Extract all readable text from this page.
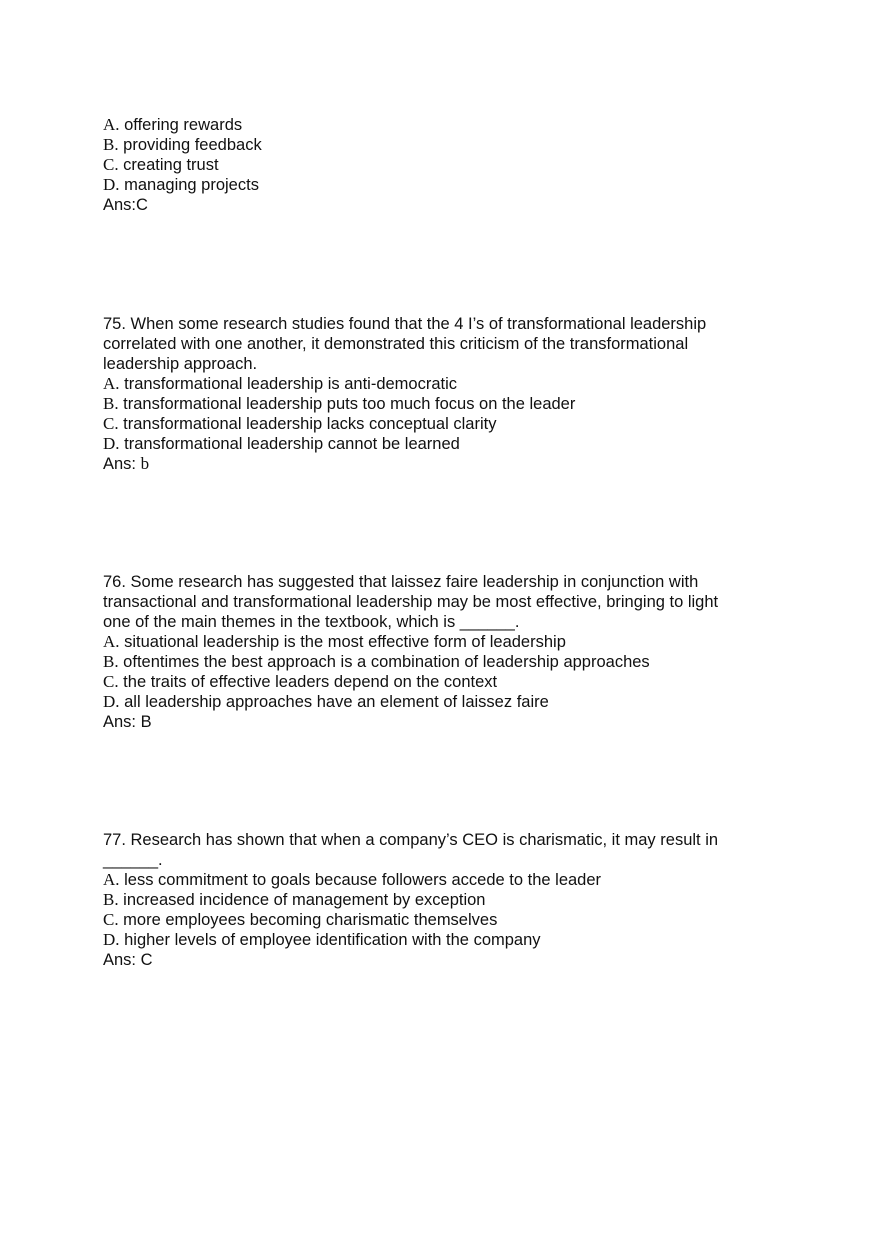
A. offering rewards
B. providing feedback
C. creating trust
D. managing projects
Ans:C
75. When some research studies found that the 4 I’s of transformational leadership
correlated with one another, it demonstrated this criticism of the transformational
leadership approach.
A. transformational leadership is anti-democratic
B. transformational leadership puts too much focus on the leader
C. transformational leadership lacks conceptual clarity
D. transformational leadership cannot be learned
Ans: b
76. Some research has suggested that laissez faire leadership in conjunction with
transactional and transformational leadership may be most effective, bringing to light
one of the main themes in the textbook, which is ______.
A. situational leadership is the most effective form of leadership
B. oftentimes the best approach is a combination of leadership approaches
C. the traits of effective leaders depend on the context
D. all leadership approaches have an element of laissez faire
Ans: B
77. Research has shown that when a company’s CEO is charismatic, it may result in
______.
A. less commitment to goals because followers accede to the leader
B. increased incidence of management by exception
C. more employees becoming charismatic themselves
D. higher levels of employee identification with the company
Ans: C
